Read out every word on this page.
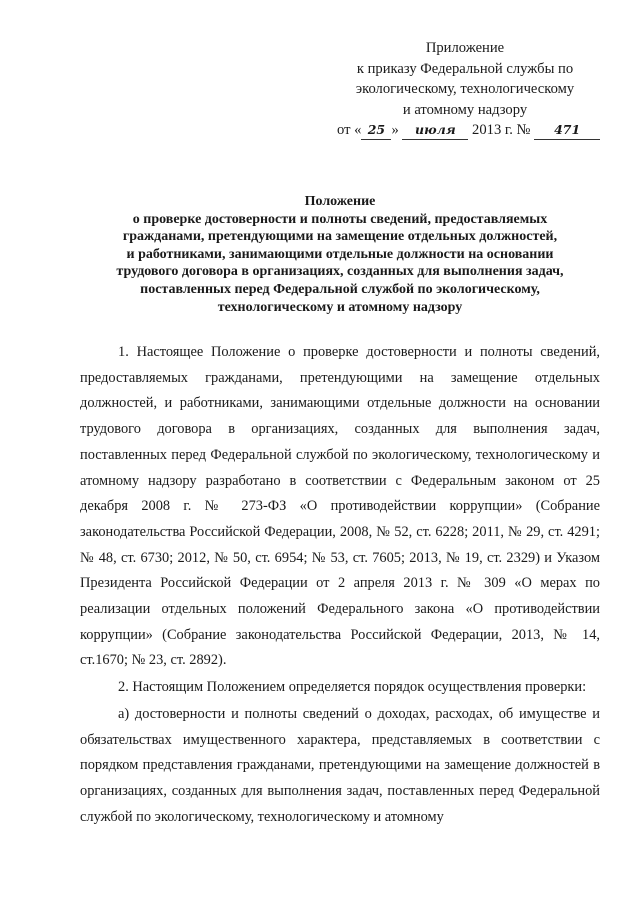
Приложение
к приказу Федеральной службы по
экологическому, технологическому
и атомному надзору
от « 25 » июля 2013 г. № 471
Положение
о проверке достоверности и полноты сведений, предоставляемых
гражданами, претендующими на замещение отдельных должностей,
и работниками, занимающими отдельные должности на основании
трудового договора в организациях, созданных для выполнения задач,
поставленных перед Федеральной службой по экологическому,
технологическому и атомному надзору

1. Настоящее Положение о проверке достоверности и полноты сведений, предоставляемых гражданами, претендующими на замещение отдельных должностей, и работниками, занимающими отдельные должности на основании трудового договора в организациях, созданных для выполнения задач, поставленных перед Федеральной службой по экологическому, технологическому и атомному надзору разработано в соответствии с Федеральным законом от 25 декабря 2008 г. № 273-ФЗ «О противодействии коррупции» (Собрание законодательства Российской Федерации, 2008, № 52, ст. 6228; 2011, № 29, ст. 4291; № 48, ст. 6730; 2012, № 50, ст. 6954; № 53, ст. 7605; 2013, № 19, ст. 2329) и Указом Президента Российской Федерации от 2 апреля 2013 г. № 309 «О мерах по реализации отдельных положений Федерального закона «О противодействии коррупции» (Собрание законодательства Российской Федерации, 2013, № 14, ст.1670; № 23, ст. 2892).

2. Настоящим Положением определяется порядок осуществления проверки:

а) достоверности и полноты сведений о доходах, расходах, об имуществе и обязательствах имущественного характера, представляемых в соответствии с порядком представления гражданами, претендующими на замещение должностей в организациях, созданных для выполнения задач, поставленных перед Федеральной службой по экологическому, технологическому и атомному
